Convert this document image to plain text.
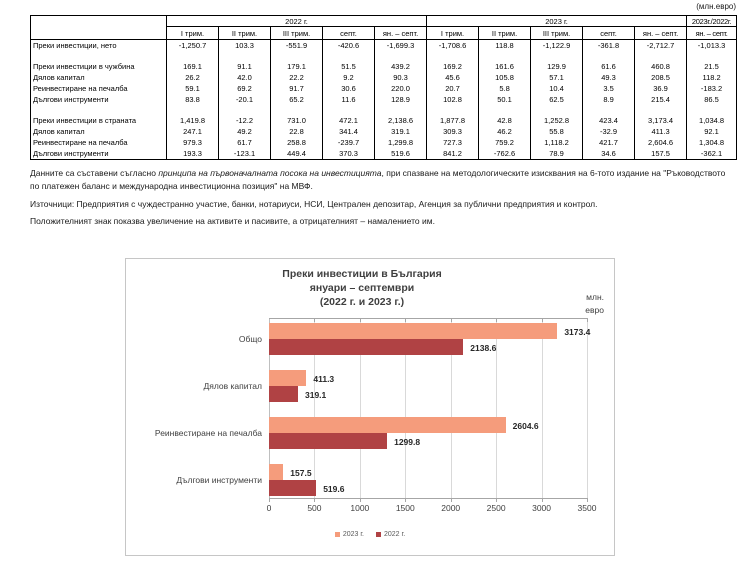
(млн.евро)
	2022 г.					2023 г.					2023г./2022г.
	I трим.	II трим.	III трим.	септ.	ян. – септ.	I трим.	II трим.	III трим.	септ.	ян. – септ.	ян. – септ.
Преки инвестиции, нето	-1,250.7	103.3	-551.9	-420.6	-1,699.3	-1,708.6	118.8	-1,122.9	-361.8	-2,712.7	-1,013.3

Преки инвестиции в чужбина	169.1	91.1	179.1	51.5	439.2	169.2	161.6	129.9	61.6	460.8	21.5
Дялов капитал	26.2	42.0	22.2	9.2	90.3	45.6	105.8	57.1	49.3	208.5	118.2
Реинвестиране на печалба	59.1	69.2	91.7	30.6	220.0	20.7	5.8	10.4	3.5	36.9	-183.2
Дългови инструменти	83.8	-20.1	65.2	11.6	128.9	102.8	50.1	62.5	8.9	215.4	86.5

Преки инвестиции в страната	1,419.8	-12.2	731.0	472.1	2,138.6	1,877.8	42.8	1,252.8	423.4	3,173.4	1,034.8
Дялов капитал	247.1	49.2	22.8	341.4	319.1	309.3	46.2	55.8	-32.9	411.3	92.1
Реинвестиране на печалба	979.3	61.7	258.8	-239.7	1,299.8	727.3	759.2	1,118.2	421.7	2,604.6	1,304.8
Дългови инструменти	193.3	-123.1	449.4	370.3	519.6	841.2	-762.6	78.9	34.6	157.5	-362.1
Данните са съставени съгласно принципа на първоначалната посока на инвестицията, при спазване на методологическите изисквания на 6-тото издание на "Ръководството по платежен баланс и международна инвестиционна позиция" на МВФ.
Източници: Предприятия с чуждестранно участие, банки, нотариуси, НСИ, Централен депозитар, Агенция за публични предприятия и контрол.
Положителният знак показва увеличение на активите и пасивите, а отрицателният – намалението им.
Преки инвестиции в България
януари – септември
(2022 г. и 2023 г.)	млн.
евро
2023 г.	2022 г.
0	500	1000	1500	2000	2500	3000	3500
Общо
3173.4
2138.6
Дялов капитал
411.3
319.1
Реинвестиране на печалба
2604.6
1299.8
Дългови инструменти
157.5
519.6
